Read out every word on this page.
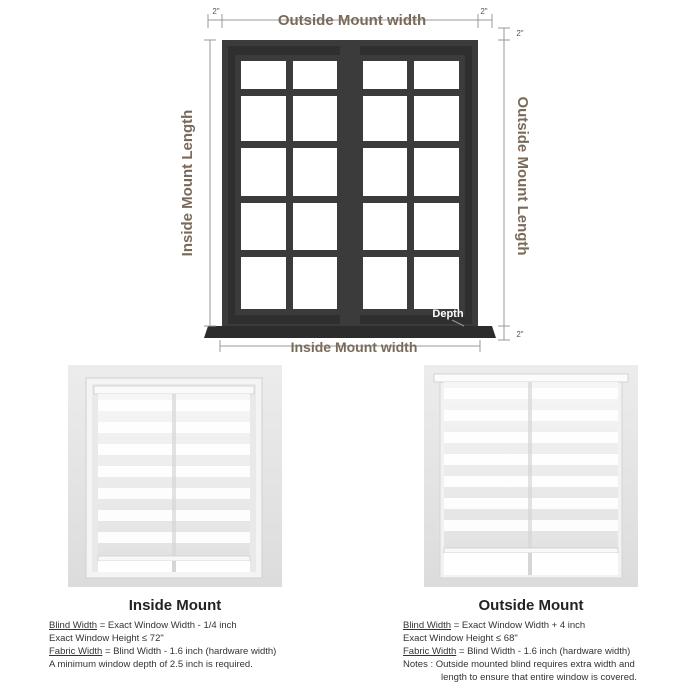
Outside Mount width
Inside Mount width
Inside Mount Length	Outside Mount Length
Depth
2"	2"
2"
2"
Inside Mount
Blind Width = Exact Window Width - 1/4 inch
Exact Window Height ≤ 72"
Fabric Width = Blind Width - 1.6 inch (hardware width)
A minimum window depth of 2.5 inch is required.
Outside Mount
Blind Width = Exact Window Width + 4 inch
Exact Window Height ≤ 68"
Fabric Width = Blind Width - 1.6 inch (hardware width)
Notes : Outside mounted blind requires extra width and
length to ensure that entire window is covered.
